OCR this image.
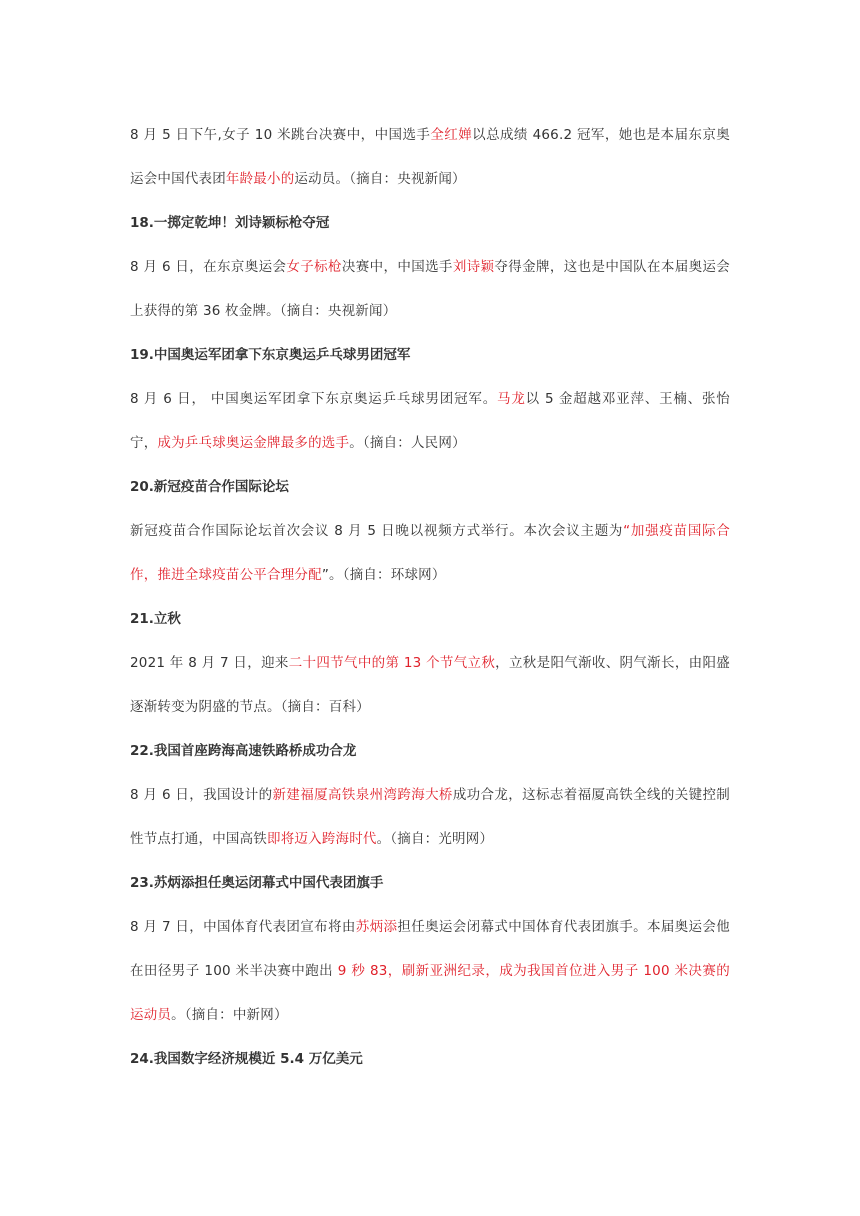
8 月 5 日下午,女子 10 米跳台决赛中，中国选手全红婵以总成绩 466.2 冠军，她也是本届东京奥运会中国代表团年龄最小的运动员。（摘自：央视新闻）

18.一掷定乾坤！刘诗颖标枪夺冠

8 月 6 日，在东京奥运会女子标枪决赛中，中国选手刘诗颖夺得金牌，这也是中国队在本届奥运会上获得的第 36 枚金牌。（摘自：央视新闻）

19.中国奥运军团拿下东京奥运乒乓球男团冠军

8 月 6 日， 中国奥运军团拿下东京奥运乒乓球男团冠军。马龙以 5 金超越邓亚萍、王楠、张怡宁，成为乒乓球奥运金牌最多的选手。（摘自：人民网）

20.新冠疫苗合作国际论坛

新冠疫苗合作国际论坛首次会议 8 月 5 日晚以视频方式举行。本次会议主题为“加强疫苗国际合作，推进全球疫苗公平合理分配”。（摘自：环球网）

21.立秋

2021 年 8 月 7 日，迎来二十四节气中的第 13 个节气立秋，立秋是阳气渐收、阴气渐长，由阳盛逐渐转变为阴盛的节点。（摘自：百科）

22.我国首座跨海高速铁路桥成功合龙

8 月 6 日，我国设计的新建福厦高铁泉州湾跨海大桥成功合龙，这标志着福厦高铁全线的关键控制性节点打通，中国高铁即将迈入跨海时代。（摘自：光明网）

23.苏炳添担任奥运闭幕式中国代表团旗手

8 月 7 日，中国体育代表团宣布将由苏炳添担任奥运会闭幕式中国体育代表团旗手。本届奥运会他在田径男子 100 米半决赛中跑出 9 秒 83，刷新亚洲纪录，成为我国首位进入男子 100 米决赛的运动员。（摘自：中新网）

24.我国数字经济规模近 5.4 万亿美元
